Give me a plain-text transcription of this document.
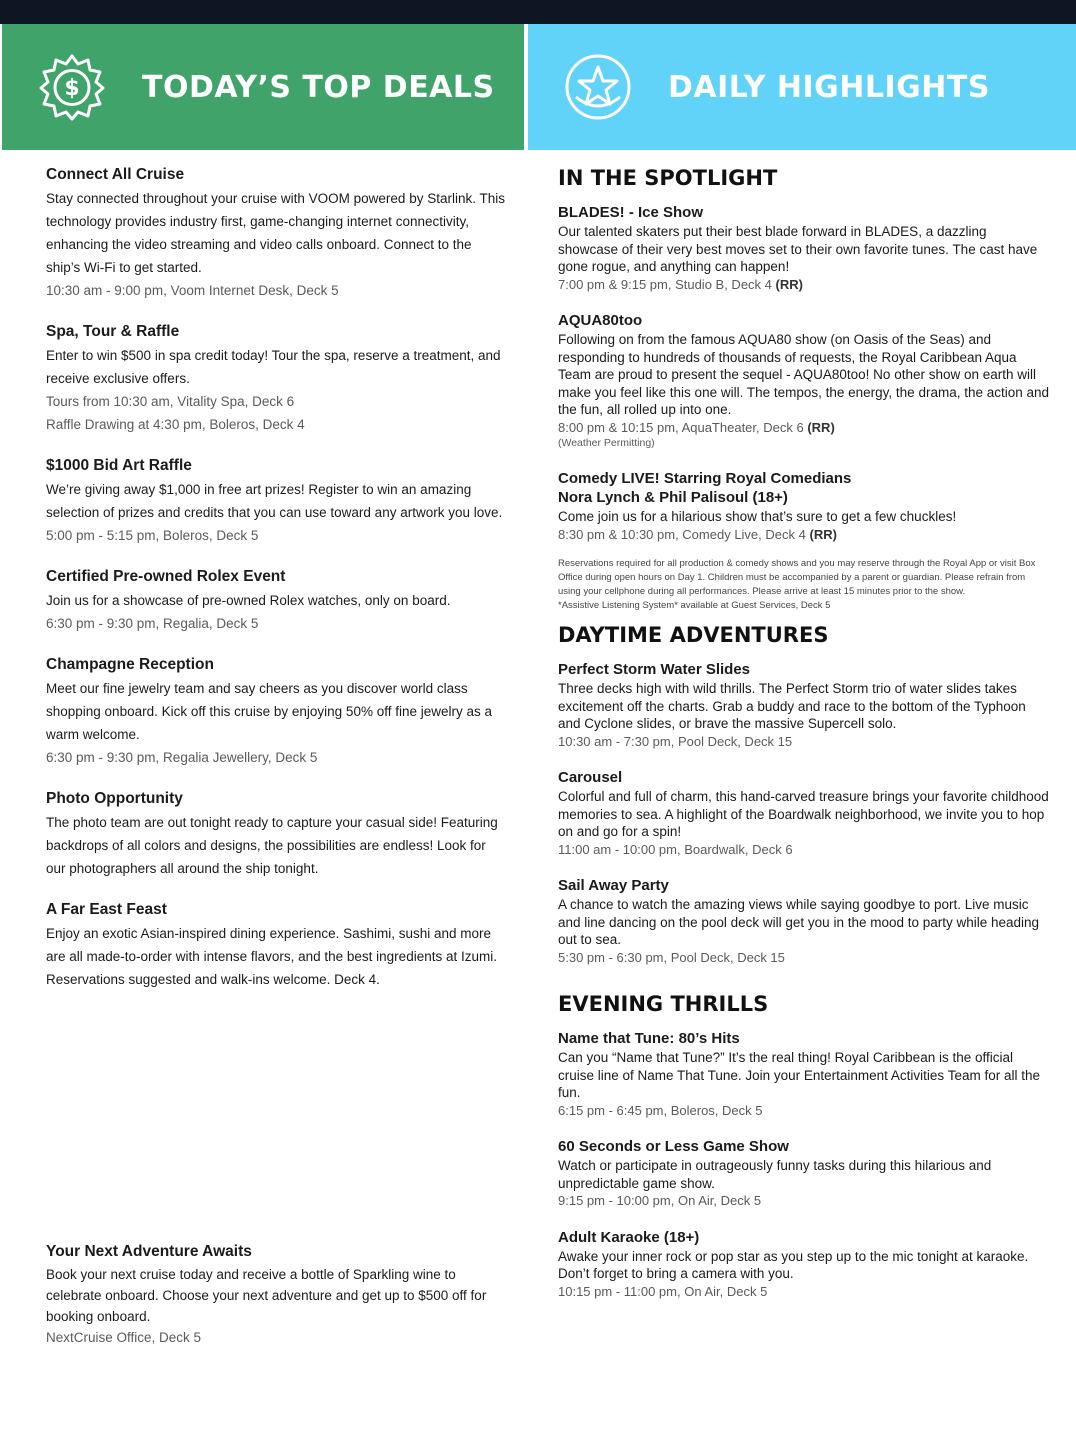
$ TODAY’S TOP DEALS	DAILY HIGHLIGHTS
Connect All Cruise

Stay connected throughout your cruise with VOOM powered by Starlink. This technology provides industry first, game-changing internet connectivity, enhancing the video streaming and video calls onboard. Connect to the ship’s Wi-Fi to get started.

10:30 am - 9:00 pm, Voom Internet Desk, Deck 5

Spa, Tour & Raffle

Enter to win $500 in spa credit today! Tour the spa, reserve a treatment, and receive exclusive offers.

Tours from 10:30 am, Vitality Spa, Deck 6

Raffle Drawing at 4:30 pm, Boleros, Deck 4

$1000 Bid Art Raffle

We’re giving away $1,000 in free art prizes! Register to win an amazing selection of prizes and credits that you can use toward any artwork you love.

5:00 pm - 5:15 pm, Boleros, Deck 5

Certified Pre-owned Rolex Event

Join us for a showcase of pre-owned Rolex watches, only on board.

6:30 pm - 9:30 pm, Regalia, Deck 5

Champagne Reception

Meet our fine jewelry team and say cheers as you discover world class shopping onboard. Kick off this cruise by enjoying 50% off fine jewelry as a warm welcome.

6:30 pm - 9:30 pm, Regalia Jewellery, Deck 5

Photo Opportunity

The photo team are out tonight ready to capture your casual side! Featuring backdrops of all colors and designs, the possibilities are endless! Look for our photographers all around the ship tonight.

A Far East Feast

Enjoy an exotic Asian-inspired dining experience. Sashimi, sushi and more are all made-to-order with intense flavors, and the best ingredients at Izumi.

Reservations suggested and walk-ins welcome. Deck 4.

Your Next Adventure Awaits

Book your next cruise today and receive a bottle of Sparkling wine to celebrate onboard. Choose your next adventure and get up to $500 off for booking onboard.

NextCruise Office, Deck 5

IN THE SPOTLIGHT
BLADES! - Ice Show

Our talented skaters put their best blade forward in BLADES, a dazzling showcase of their very best moves set to their own favorite tunes. The cast have gone rogue, and anything can happen!

7:00 pm & 9:15 pm, Studio B, Deck 4 (RR)

AQUA80too

Following on from the famous AQUA80 show (on Oasis of the Seas) and responding to hundreds of thousands of requests, the Royal Caribbean Aqua Team are proud to present the sequel - AQUA80too! No other show on earth will make you feel like this one will. The tempos, the energy, the drama, the action and the fun, all rolled up into one.

8:00 pm & 10:15 pm, AquaTheater, Deck 6 (RR)

(Weather Permitting)

Comedy LIVE! Starring Royal Comedians
Nora Lynch & Phil Palisoul (18+)

Come join us for a hilarious show that’s sure to get a few chuckles!

8:30 pm & 10:30 pm, Comedy Live, Deck 4 (RR)

Reservations required for all production & comedy shows and you may reserve through the Royal App or visit Box Office during open hours on Day 1. Children must be accompanied by a parent or guardian. Please refrain from using your cellphone during all performances. Please arrive at least 15 minutes prior to the show.

*Assistive Listening System* available at Guest Services, Deck 5

DAYTIME ADVENTURES
Perfect Storm Water Slides

Three decks high with wild thrills. The Perfect Storm trio of water slides takes excitement off the charts. Grab a buddy and race to the bottom of the Typhoon and Cyclone slides, or brave the massive Supercell solo.

10:30 am - 7:30 pm, Pool Deck, Deck 15

Carousel

Colorful and full of charm, this hand-carved treasure brings your favorite childhood memories to sea. A highlight of the Boardwalk neighborhood, we invite you to hop on and go for a spin!

11:00 am - 10:00 pm, Boardwalk, Deck 6

Sail Away Party

A chance to watch the amazing views while saying goodbye to port. Live music and line dancing on the pool deck will get you in the mood to party while heading out to sea.

5:30 pm - 6:30 pm, Pool Deck, Deck 15

EVENING THRILLS
Name that Tune: 80’s Hits

Can you “Name that Tune?” It’s the real thing! Royal Caribbean is the official cruise line of Name That Tune. Join your Entertainment Activities Team for all the fun.

6:15 pm - 6:45 pm, Boleros, Deck 5

60 Seconds or Less Game Show

Watch or participate in outrageously funny tasks during this hilarious and unpredictable game show.

9:15 pm - 10:00 pm, On Air, Deck 5

Adult Karaoke (18+)

Awake your inner rock or pop star as you step up to the mic tonight at karaoke. Don’t forget to bring a camera with you.

10:15 pm - 11:00 pm, On Air, Deck 5
